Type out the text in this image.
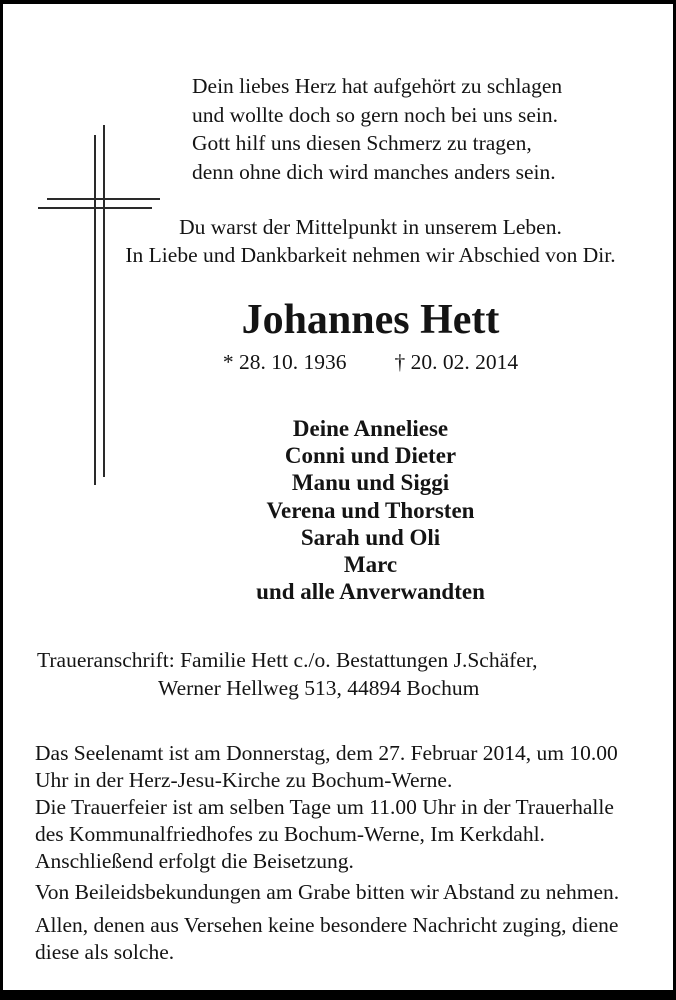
Dein liebes Herz hat aufgehört zu schlagen
und wollte doch so gern noch bei uns sein.
Gott hilf uns diesen Schmerz zu tragen,
denn ohne dich wird manches anders sein.
Du warst der Mittelpunkt in unserem Leben.
In Liebe und Dankbarkeit nehmen wir Abschied von Dir.
Johannes Hett
* 28. 10. 1936 † 20. 02. 2014
Deine Anneliese
Conni und Dieter
Manu und Siggi
Verena und Thorsten
Sarah und Oli
Marc
und alle Anverwandten
Traueranschrift: Familie Hett c./o. Bestattungen J.Schäfer,
Werner Hellweg 513, 44894 Bochum
Das Seelenamt ist am Donnerstag, dem 27. Februar 2014, um 10.00
Uhr in der Herz-Jesu-Kirche zu Bochum-Werne.
Die Trauerfeier ist am selben Tage um 11.00 Uhr in der Trauerhalle
des Kommunalfriedhofes zu Bochum-Werne, Im Kerkdahl.
Anschließend erfolgt die Beisetzung.
Von Beileidsbekundungen am Grabe bitten wir Abstand zu nehmen.
Allen, denen aus Versehen keine besondere Nachricht zuging, diene
diese als solche.
